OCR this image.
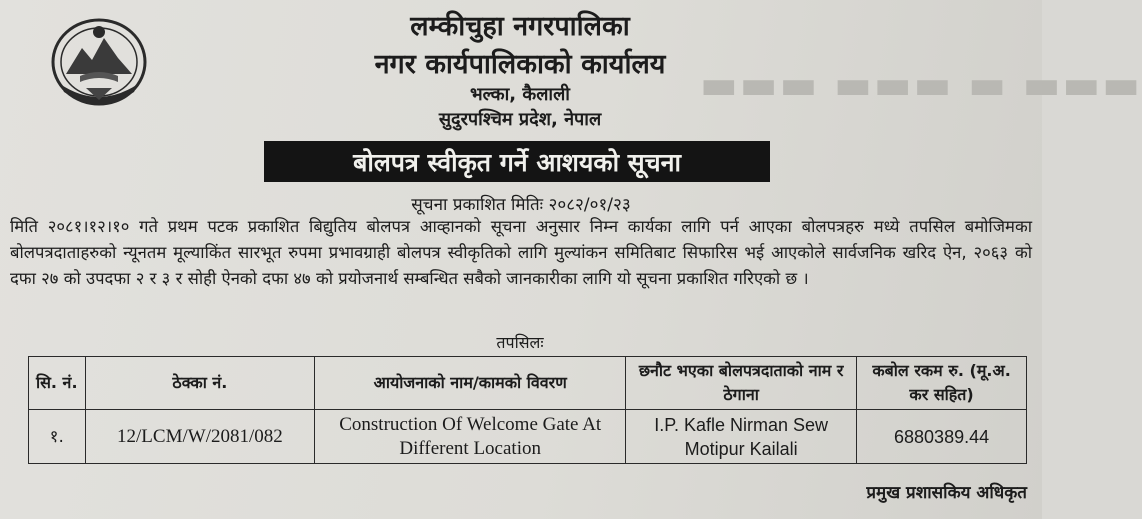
▬▬▬ ▬▬▬ ▬ ▬▬▬
लम्कीचुहा नगरपालिका
नगर कार्यपालिकाको कार्यालय
भल्का, कैलाली
सुदुरपश्चिम प्रदेश, नेपाल
बोलपत्र स्वीकृत गर्ने आशयको सूचना
सूचना प्रकाशित मितिः २०८२/०१/२३
मिति २०८१।१२।१० गते प्रथम पटक प्रकाशित बिद्युतिय बोलपत्र आव्हानको सूचना अनुसार निम्न कार्यका लागि पर्न आएका बोलपत्रहरु मध्ये तपसिल बमोजिमका बोलपत्रदाताहरुको न्यूनतम मूल्याकिंत सारभूत रुपमा प्रभावग्राही बोलपत्र स्वीकृतिको लागि मुल्यांकन समितिबाट सिफारिस भई आएकोले सार्वजनिक खरिद ऐन, २०६३ को दफा २७ को उपदफा २ र ३ र सोही ऐनको दफा ४७ को प्रयोजनार्थ सम्बन्धित सबैको जानकारीका लागि यो सूचना प्रकाशित गरिएको छ ।
तपसिलः
सि. नं.	ठेक्का नं.	आयोजनाको नाम/कामको विवरण	छनौट भएका बोलपत्रदाताको नाम र ठेगाना	कबोल रकम रु. (मू.अ. कर सहित)
१.	12/LCM/W/2081/082	Construction Of Welcome Gate At Different Location	I.P. Kafle Nirman Sew Motipur Kailali	6880389.44
प्रमुख प्रशासकिय अधिकृत
